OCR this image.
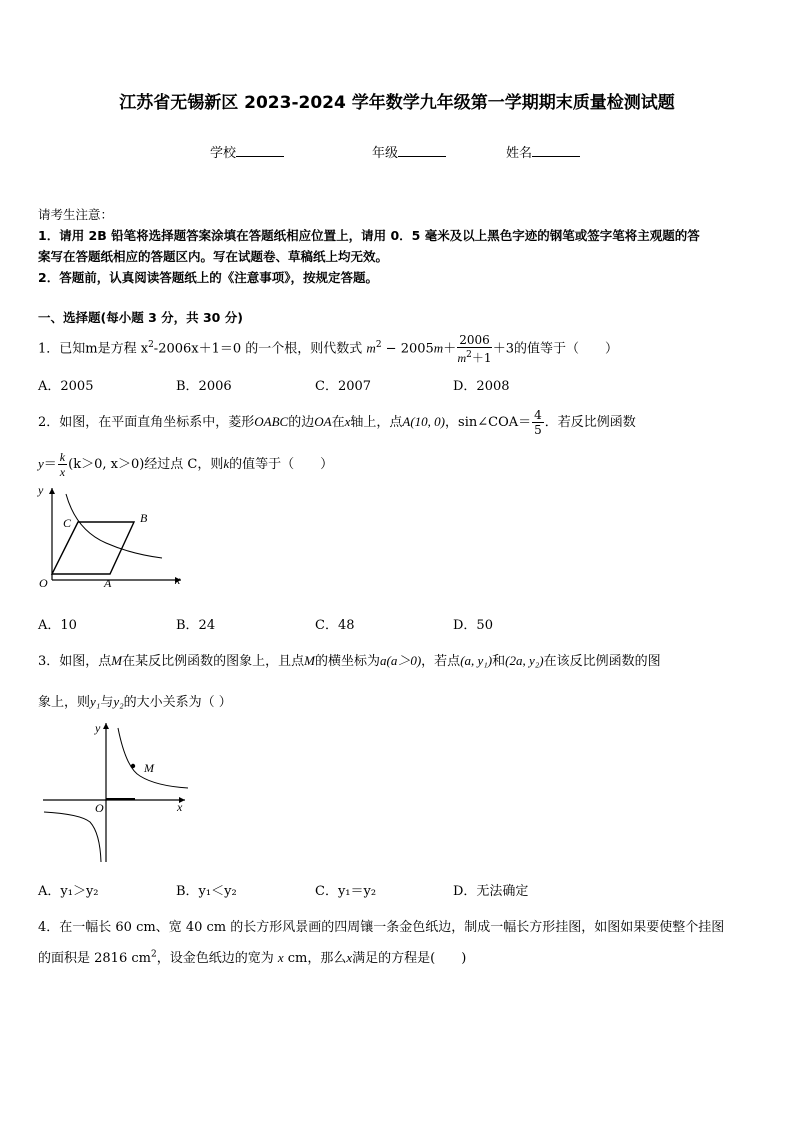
江苏省无锡新区 2023-2024 学年数学九年级第一学期期末质量检测试题
学校	年级	姓名
请考生注意：
1．请用 2B 铅笔将选择题答案涂填在答题纸相应位置上，请用 0．5 毫米及以上黑色字迹的钢笔或签字笔将主观题的答
案写在答题纸相应的答题区内。写在试题卷、草稿纸上均无效。
2．答题前，认真阅读答题纸上的《注意事项》，按规定答题。
一、选择题(每小题 3 分，共 30 分)
1．已知m是方程 $x^2-2006x+1=0$ 的一个根，则代数式 $m^2 - 2005m+ \frac{2006}{m^2+1} +3$的值等于（　　）
A．2005	B．2006	C．2007	D．2008
2．如图，在平面直角坐标系中，菱形OABC的边OA在x轴上，点A(10, 0)，sin∠COA＝ $\frac{4}{5}$ ．若反比例函数
$y= \frac{k}{x} (k>0$, x＞0)经过点 C，则k的值等于（　　）
y
x
O	A
B
C
A．10	B．24	C．48	D．50
3．如图，点M在某反比例函数的图象上，且点M的横坐标为a(a＞0)，若点(a, y₁)和(2a, y₂)在该反比例函数的图
象上，则y₁与y₂的大小关系为（ ）
y
x
O
M
A．y₁＞y₂	B．y₁＜y₂	C．y₁＝y₂	D．无法确定
4．在一幅长 60 cm、宽 40 cm 的长方形风景画的四周镶一条金色纸边，制成一幅长方形挂图，如图如果要使整个挂图
的面积是 2816 $cm^2$，设金色纸边的宽为 x cm，那么x满足的方程是(　　)
